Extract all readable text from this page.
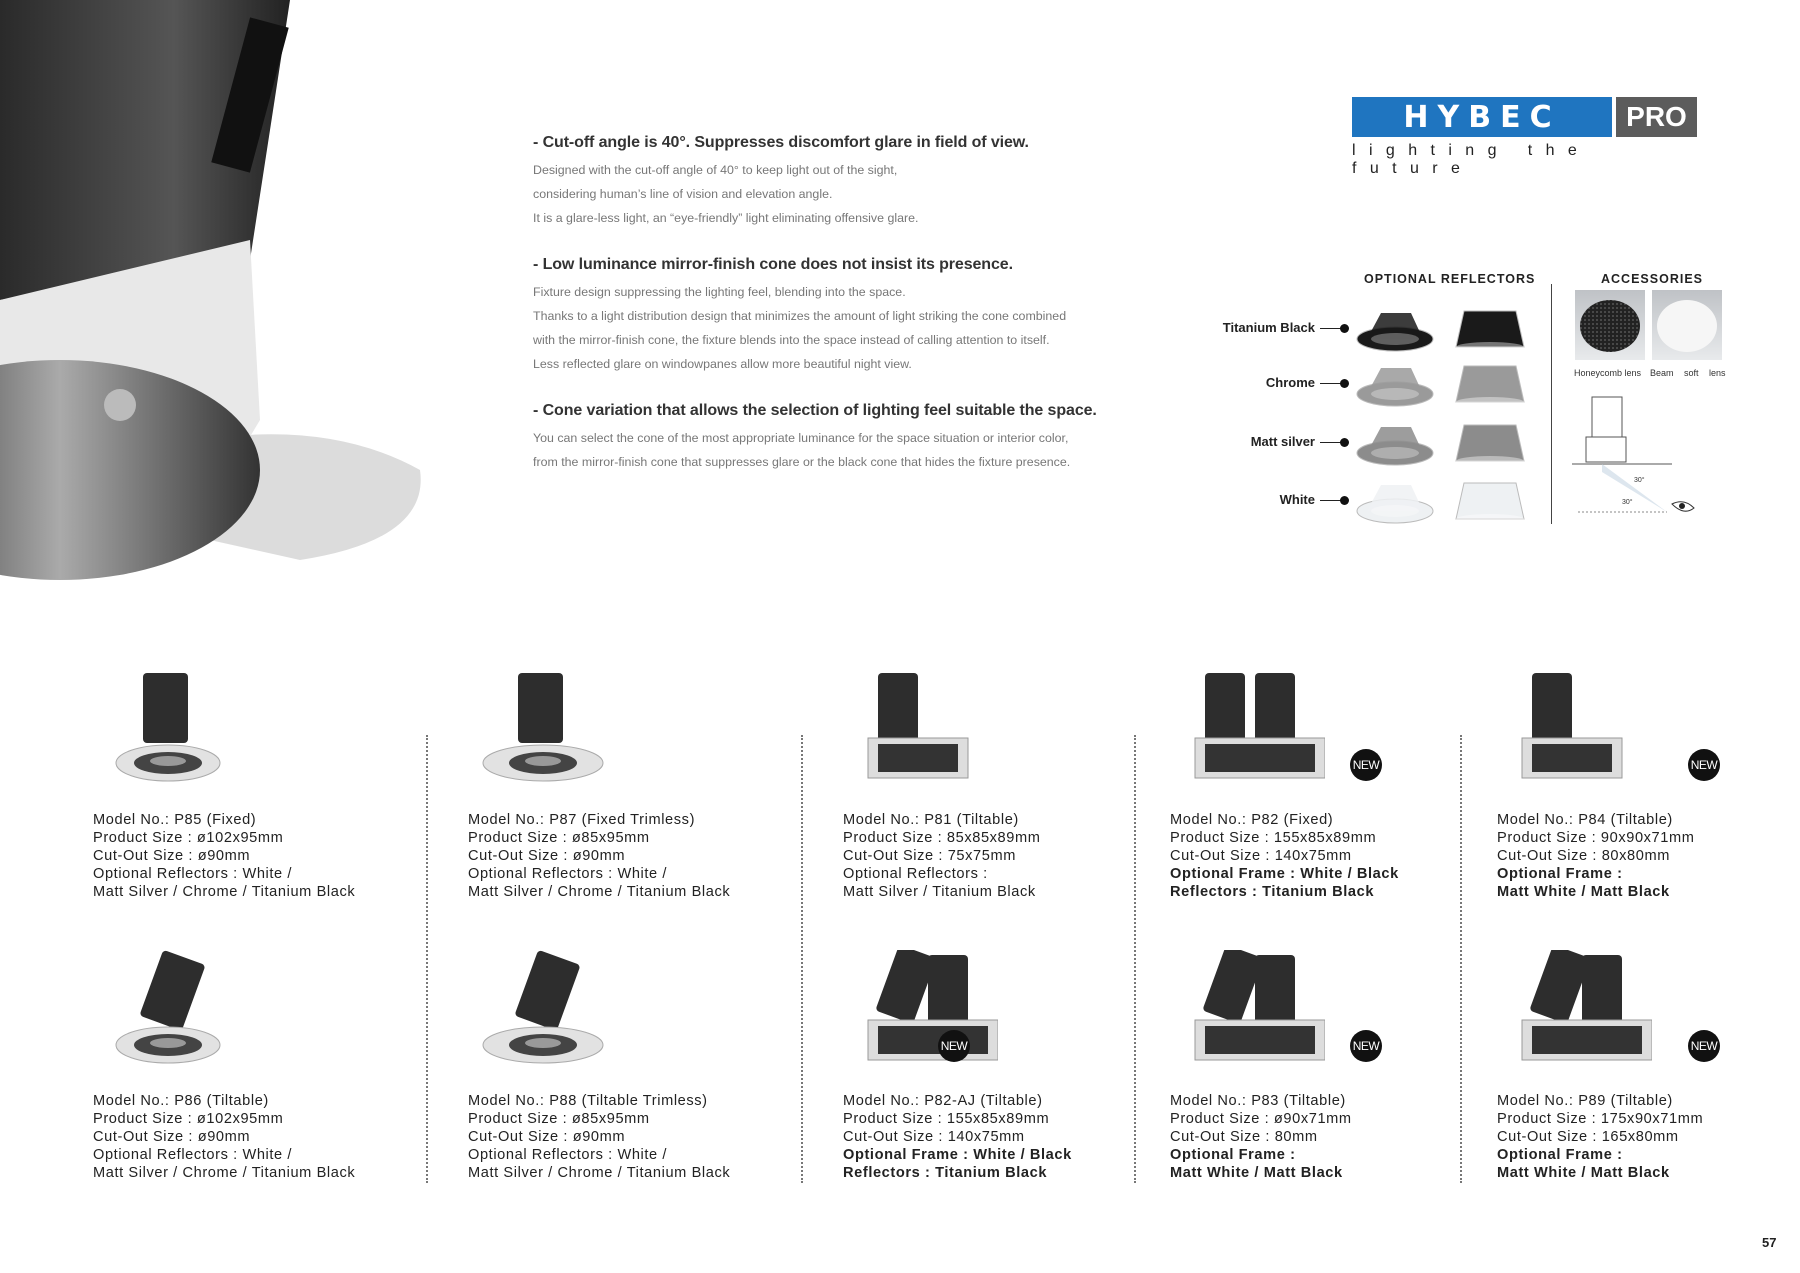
- Cut-off angle is 40°. Suppresses discomfort glare in field of view.

Designed with the cut-off angle of 40° to keep light out of the sight,

considering human’s line of vision and elevation angle.

It is a glare-less light, an “eye-friendly” light eliminating offensive glare.

- Low luminance mirror-finish cone does not insist its presence.

Fixture design suppressing the lighting feel, blending into the space.

Thanks to a light distribution design that minimizes the amount of light striking the cone combined

with the mirror-finish cone, the fixture blends into the space instead of calling attention to itself.

Less reflected glare on windowpanes allow more beautiful night view.

- Cone variation that allows the selection of lighting feel suitable the space.

You can select the cone of the most appropriate luminance for the space situation or interior color,

from the mirror-finish cone that suppresses glare or the black cone that hides the fixture presence.

HYBEC	PRO
lighting the future
OPTIONAL REFLECTORS	ACCESSORIES
Titanium Black
Chrome
Matt silver
White
Honeycomb lens Beam soft lens
30°
30°
Model No.: P85 (Fixed)
Product Size : ø102x95mm
Cut-Out Size : ø90mm
Optional Reflectors : White /
Matt Silver / Chrome / Titanium Black
Model No.: P87 (Fixed Trimless)
Product Size : ø85x95mm
Cut-Out Size : ø90mm
Optional Reflectors : White /
Matt Silver / Chrome / Titanium Black
Model No.: P81 (Tiltable)
Product Size : 85x85x89mm
Cut-Out Size : 75x75mm
Optional Reflectors :
Matt Silver / Titanium Black
NEW
Model No.: P82 (Fixed)
Product Size : 155x85x89mm
Cut-Out Size : 140x75mm
Optional Frame : White / Black
Reflectors : Titanium Black
NEW
Model No.: P84 (Tiltable)
Product Size : 90x90x71mm
Cut-Out Size : 80x80mm
Optional Frame :
Matt White / Matt Black
Model No.: P86 (Tiltable)
Product Size : ø102x95mm
Cut-Out Size : ø90mm
Optional Reflectors : White /
Matt Silver / Chrome / Titanium Black
Model No.: P88 (Tiltable Trimless)
Product Size : ø85x95mm
Cut-Out Size : ø90mm
Optional Reflectors : White /
Matt Silver / Chrome / Titanium Black
NEW
Model No.: P82-AJ (Tiltable)
Product Size : 155x85x89mm
Cut-Out Size : 140x75mm
Optional Frame : White / Black
Reflectors : Titanium Black
NEW
Model No.: P83 (Tiltable)
Product Size : ø90x71mm
Cut-Out Size : 80mm
Optional Frame :
Matt White / Matt Black
NEW
Model No.: P89 (Tiltable)
Product Size : 175x90x71mm
Cut-Out Size : 165x80mm
Optional Frame :
Matt White / Matt Black
57
